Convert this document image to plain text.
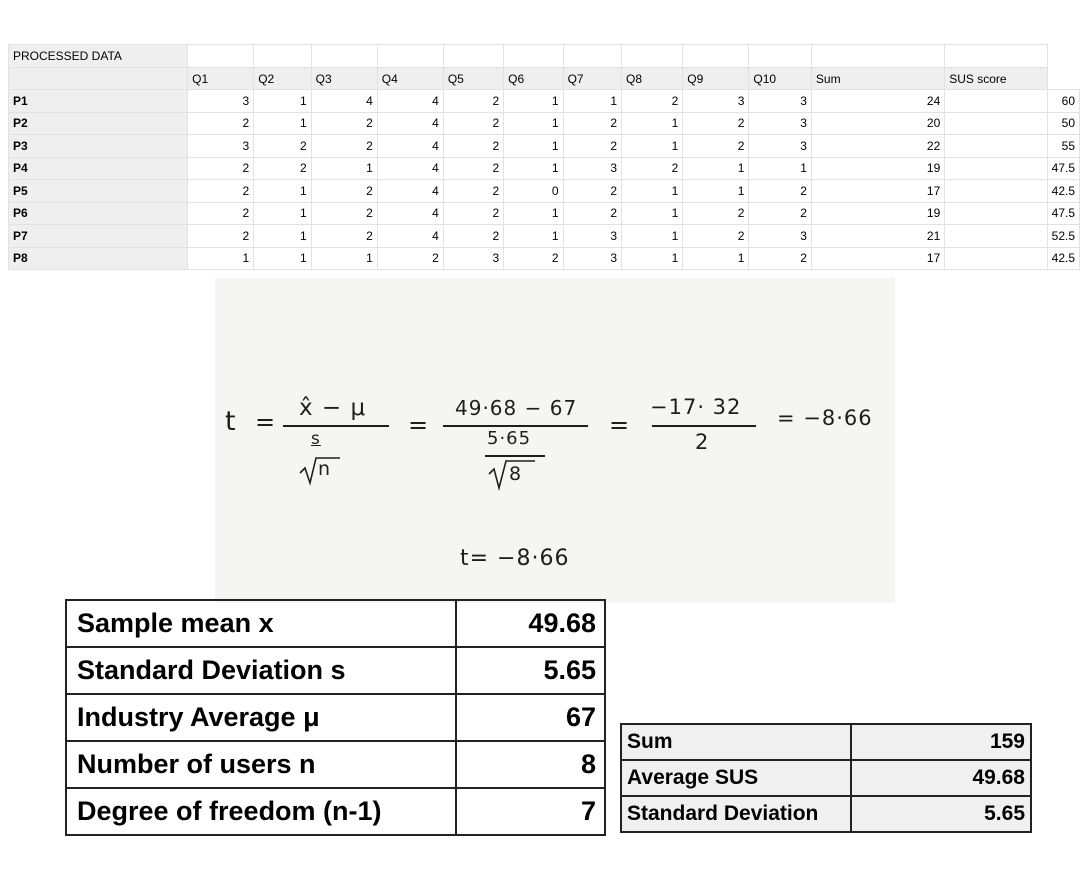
PROCESSED DATA													
	Q1	Q2	Q3	Q4	Q5	Q6	Q7	Q8	Q9	Q10	Sum	SUS score	
P1	3	1	4	4	2	1	1	2	3	3	24		60
P2	2	1	2	4	2	1	2	1	2	3	20		50
P3	3	2	2	4	2	1	2	1	2	3	22		55
P4	2	2	1	4	2	1	3	2	1	1	19		47.5
P5	2	1	2	4	2	0	2	1	1	2	17		42.5
P6	2	1	2	4	2	1	2	1	2	2	19		47.5
P7	2	1	2	4	2	1	3	1	2	3	21		52.5
P8	1	1	1	2	3	2	3	1	1	2	17		42.5
t = x̂ − μ
s
n
=
49·68 − 67
5·65
8
=
−17· 32
2
= −8·66
t= −8·66
Sample mean x	49.68
Standard Deviation s	5.65
Industry Average μ	67
Number of users n	8
Degree of freedom (n-1)	7
Sum	159
Average SUS	49.68
Standard Deviation	5.65
